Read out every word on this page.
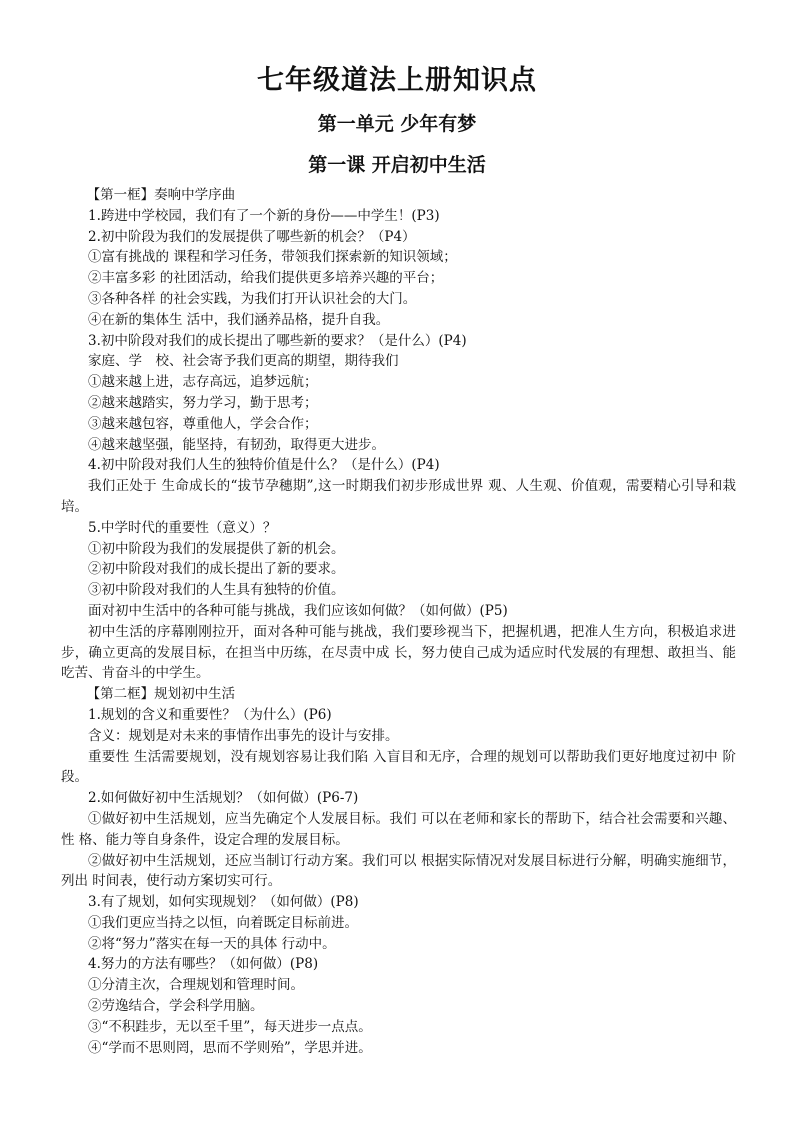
七年级道法上册知识点
第一单元 少年有梦
第一课 开启初中生活

【第一框】奏响中学序曲

1.跨进中学校园，我们有了一个新的身份——中学生！(P3)

2.初中阶段为我们的发展提供了哪些新的机会？（P4）

①富有挑战的 课程和学习任务，带领我们探索新的知识领域；

②丰富多彩 的社团活动，给我们提供更多培养兴趣的平台；

③各种各样 的社会实践，为我们打开认识社会的大门。

④在新的集体生 活中，我们涵养品格，提升自我。

3.初中阶段对我们的成长提出了哪些新的要求？（是什么）(P4)

家庭、学　校、社会寄予我们更高的期望，期待我们

①越来越上进，志存高远，追梦远航；

②越来越踏实，努力学习，勤于思考；

③越来越包容，尊重他人，学会合作；

④越来越坚强，能坚持，有韧劲，取得更大进步。

4.初中阶段对我们人生的独特价值是什么？（是什么）(P4)

我们正处于 生命成长的“拔节孕穗期”,这一时期我们初步形成世界 观、人生观、价值观，需要精心引导和栽培。

5.中学时代的重要性（意义）？

①初中阶段为我们的发展提供了新的机会。

②初中阶段对我们的成长提出了新的要求。

③初中阶段对我们的人生具有独特的价值。

面对初中生活中的各种可能与挑战，我们应该如何做？（如何做）(P5)

初中生活的序幕刚刚拉开，面对各种可能与挑战，我们要珍视当下，把握机遇，把准人生方向，积极追求进 步，确立更高的发展目标，在担当中历练，在尽责中成 长，努力使自己成为适应时代发展的有理想、敢担当、能 吃苦、肯奋斗的中学生。

【第二框】规划初中生活

1.规划的含义和重要性？（为什么）(P6)

含义：规划是对未来的事情作出事先的设计与安排。

重要性 生活需要规划，没有规划容易让我们陷 入盲目和无序，合理的规划可以帮助我们更好地度过初中 阶段。

2.如何做好初中生活规划？（如何做）(P6-7)

①做好初中生活规划，应当先确定个人发展目标。我们 可以在老师和家长的帮助下，结合社会需要和兴趣、性 格、能力等自身条件，设定合理的发展目标。

②做好初中生活规划，还应当制订行动方案。我们可以 根据实际情况对发展目标进行分解，明确实施细节，列出 时间表，使行动方案切实可行。

3.有了规划，如何实现规划？（如何做）(P8)

①我们更应当持之以恒，向着既定目标前进。

②将“努力”落实在每一天的具体 行动中。

4.努力的方法有哪些？（如何做）(P8)

①分清主次，合理规划和管理时间。

②劳逸结合，学会科学用脑。

③“不积跬步，无以至千里”，每天进步一点点。

④“学而不思则罔，思而不学则殆”，学思并进。
